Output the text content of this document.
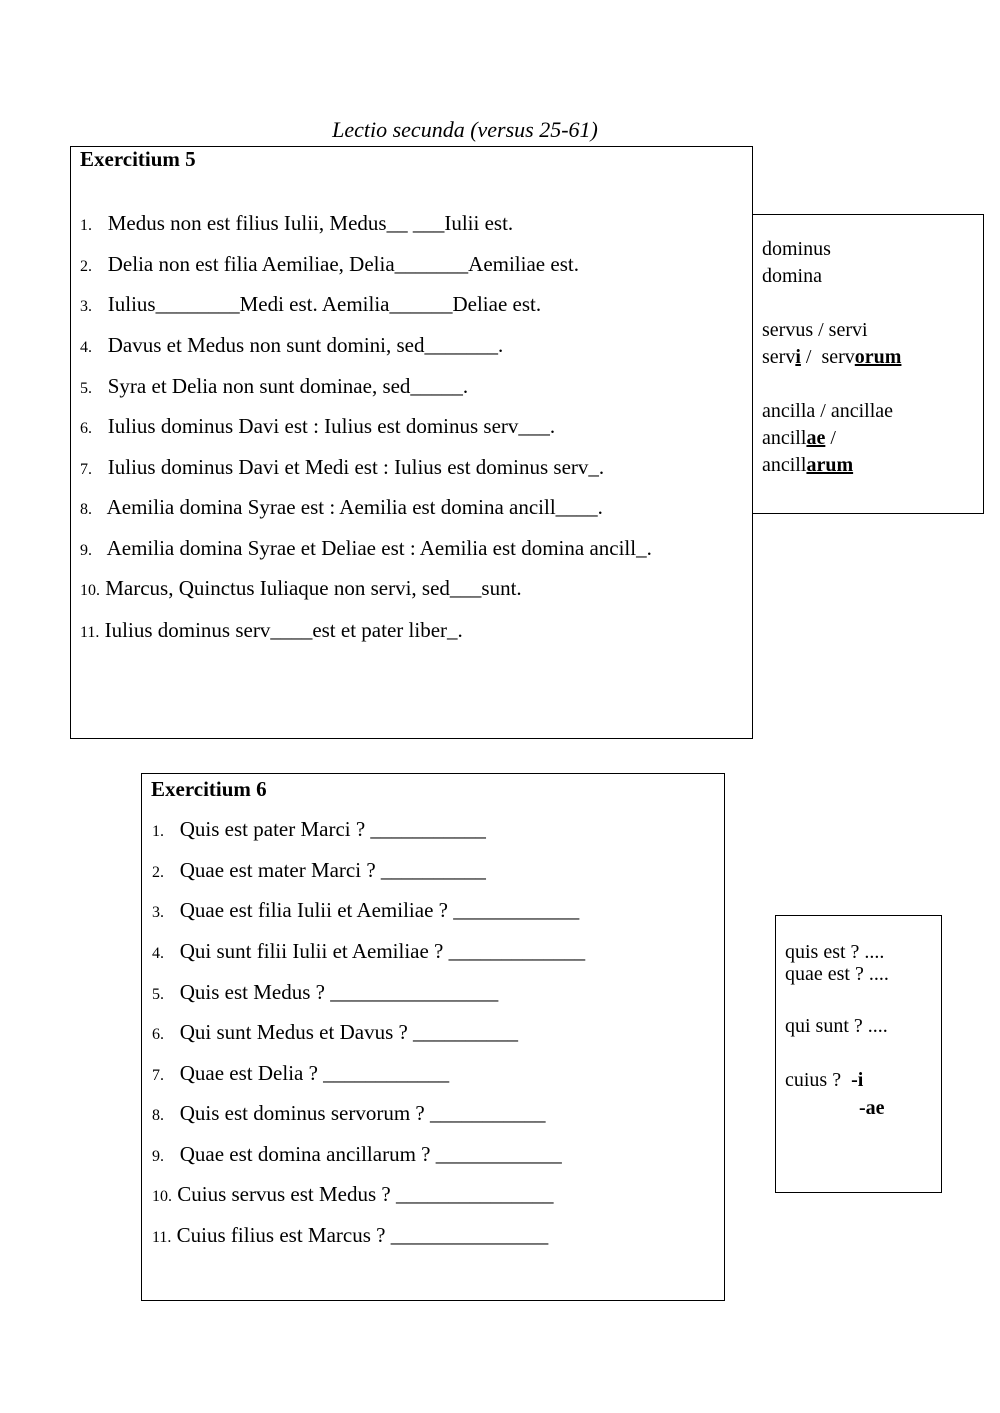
Lectio secunda (versus 25-61)
Exercitium 5
1. Medus non est filius Iulii, Medus__ ___Iulii est.
2. Delia non est filia Aemiliae, Delia_______Aemiliae est.
3. Iulius________Medi est. Aemilia______Deliae est.
4. Davus et Medus non sunt domini, sed_______.
5. Syra et Delia non sunt dominae, sed_____.
6. Iulius dominus Davi est : Iulius est dominus serv___.
7. Iulius dominus Davi et Medi est : Iulius est dominus serv_.
8. Aemilia domina Syrae est : Aemilia est domina ancill____.
9. Aemilia domina Syrae et Deliae est : Aemilia est domina ancill_.
10. Marcus, Quinctus Iuliaque non servi, sed___sunt.
11. Iulius dominus serv____est et pater liber_.
dominus
domina
servus / servi
servi /  servorum
ancilla / ancillae
ancillae /
ancillarum
Exercitium 6
1. Quis est pater Marci ? ___________
2. Quae est mater Marci ? __________
3. Quae est filia Iulii et Aemiliae ? ____________
4. Qui sunt filii Iulii et Aemiliae ? _____________
5. Quis est Medus ? ________________
6. Qui sunt Medus et Davus ? __________
7. Quae est Delia ? ____________
8. Quis est dominus servorum ? ___________
9. Quae est domina ancillarum ? ____________
10. Cuius servus est Medus ? _______________
11. Cuius filius est Marcus ? _______________
quis est ? ....
quae est ? ....
qui sunt ? ....
cuius ? -i
-ae
